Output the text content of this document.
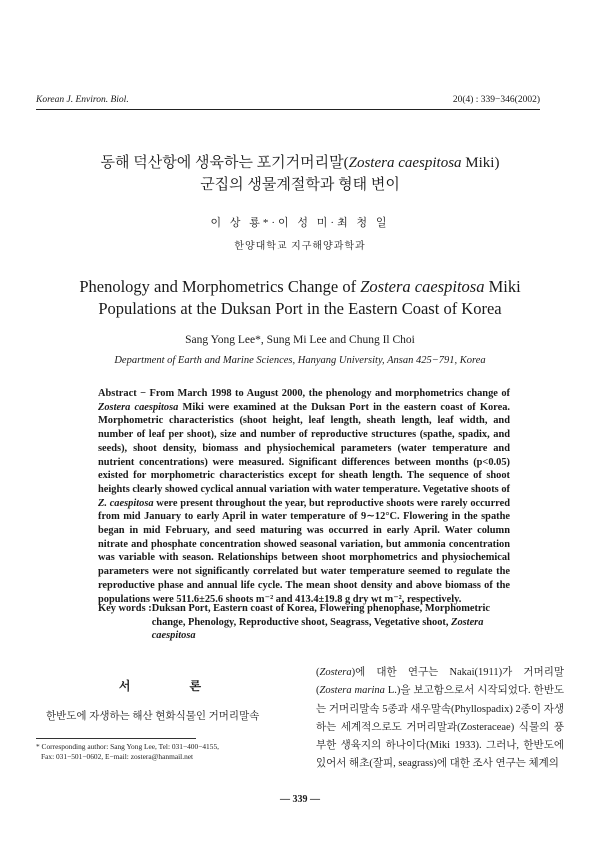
Korean J. Environ. Biol.	20(4) : 339−346(2002)
동해 덕산항에 생육하는 포기거머리말(Zostera caespitosa Miki)
군집의 생물계절학과 형태 변이
이 상 룡*·이 성 미·최 청 일
한양대학교 지구해양과학과
Phenology and Morphometrics Change of Zostera caespitosa Miki Populations at the Duksan Port in the Eastern Coast of Korea
Sang Yong Lee*, Sung Mi Lee and Chung Il Choi
Department of Earth and Marine Sciences, Hanyang University, Ansan 425−791, Korea
Abstract − From March 1998 to August 2000, the phenology and morphometrics change of Zostera caespitosa Miki were examined at the Duksan Port in the eastern coast of Korea. Morphometric characteristics (shoot height, leaf length, sheath length, leaf width, and number of leaf per shoot), size and number of reproductive structures (spathe, spadix, and seeds), shoot density, biomass and physiochemical parameters (water temperature and nutrient concentrations) were measured. Significant differences between months (p<0.05) existed for morphometric characteristics except for sheath length. The sequence of shoot heights clearly showed cyclical annual variation with water temperature. Vegetative shoots of Z. caespitosa were present throughout the year, but reproductive shoots were rarely occurred from mid January to early April in water temperature of 9∼12°C. Flowering in the spathe began in mid February, and seed maturing was occurred in early April. Water column nitrate and phosphate concentration showed seasonal variation, but ammonia concentration was variable with season. Relationships between shoot morphometrics and physiochemical parameters were not significantly correlated but water temperature seemed to regulate the reproductive phase and annual life cycle. The mean shoot density and above biomass of the populations were 511.6±25.6 shoots m⁻² and 413.4±19.8 g dry wt m⁻², respectively.
Key words : Duksan Port, Eastern coast of Korea, Flowering phenophase, Morphometric change, Phenology, Reproductive shoot, Seagrass, Vegetative shoot, Zostera caespitosa
서 론
한반도에 자생하는 해산 현화식물인 거머리말속
* Corresponding author: Sang Yong Lee, Tel: 031−400−4155,
Fax: 031−501−0602, E−mail: zostera@hanmail.net
(Zostera)에 대한 연구는 Nakai(1911)가 거머리말(Zostera marina L.)을 보고함으로서 시작되었다. 한반도는 거머리말속 5종과 새우말속(Phyllospadix) 2종이 자생하는 세계적으로도 거머리말과(Zosteraceae) 식물의 풍부한 생육지의 하나이다(Miki 1933). 그러나, 한반도에 있어서 해초(잘피, seagrass)에 대한 조사 연구는 체계의
— 339 —
